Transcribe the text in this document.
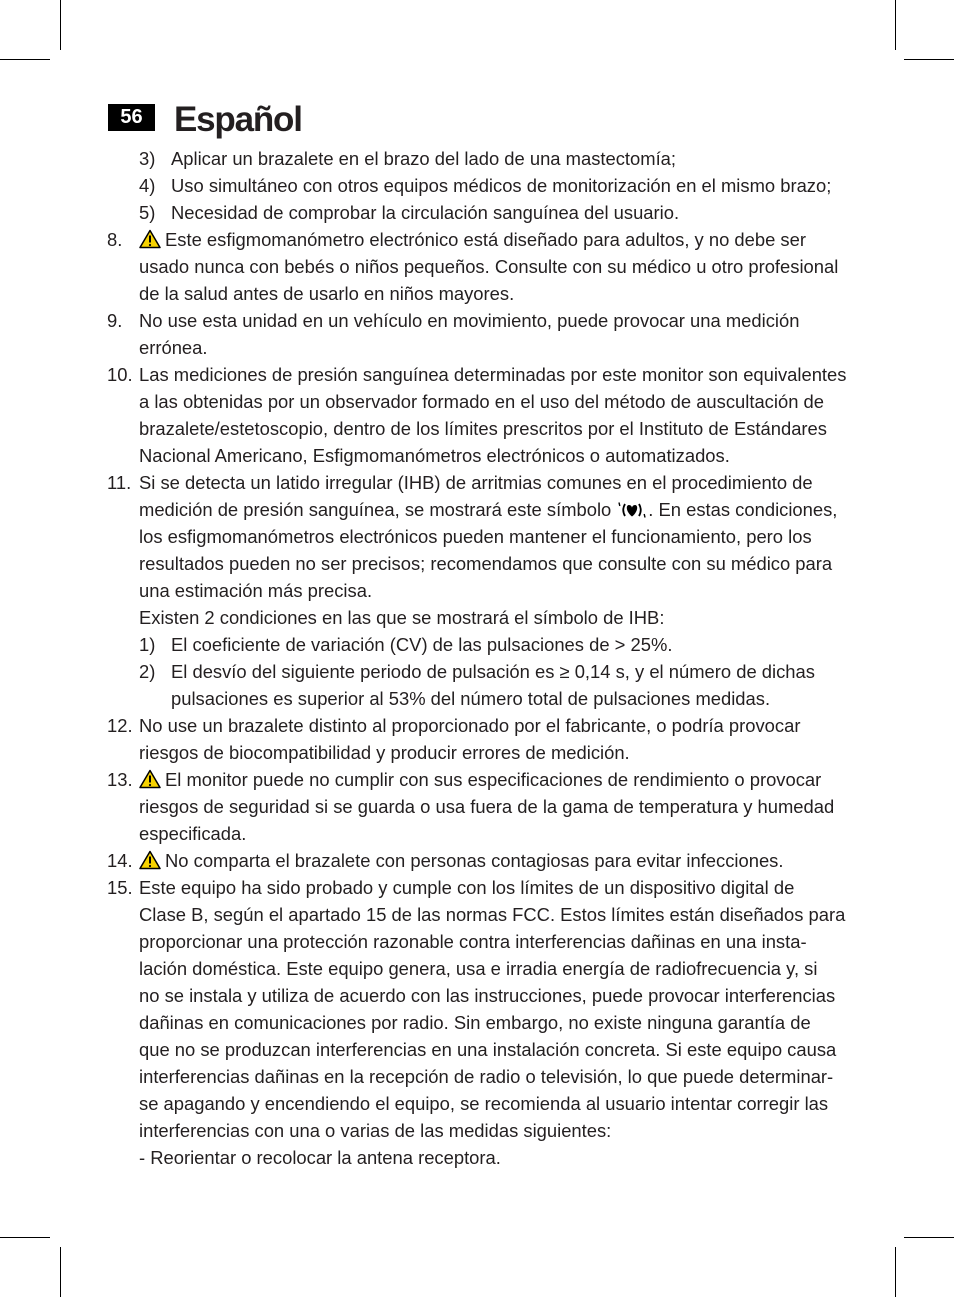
56 Español
3) Aplicar un brazalete en el brazo del lado de una mastectomía;
4) Uso simultáneo con otros equipos médicos de monitorización en el mismo brazo;
5) Necesidad de comprobar la circulación sanguínea del usuario.
8.	Este esfigmomanómetro electrónico está diseñado para adultos, y no debe ser
usado nunca con bebés o niños pequeños. Consulte con su médico u otro profesional
de la salud antes de usarlo en niños mayores.
9. No use esta unidad en un vehículo en movimiento, puede provocar una medición
errónea.
10. Las mediciones de presión sanguínea determinadas por este monitor son equivalentes
a las obtenidas por un observador formado en el uso del método de auscultación de
brazalete/estetoscopio, dentro de los límites prescritos por el Instituto de Estándares
Nacional Americano, Esfigmomanómetros electrónicos o automatizados.
11. Si se detecta un latido irregular (IHB) de arritmias comunes en el procedimiento de
medición de presión sanguínea, se mostrará este símbolo . En estas condiciones,
los esfigmomanómetros electrónicos pueden mantener el funcionamiento, pero los
resultados pueden no ser precisos; recomendamos que consulte con su médico para
una estimación más precisa.
Existen 2 condiciones en las que se mostrará el símbolo de IHB:
1) El coeficiente de variación (CV) de las pulsaciones de > 25%.
2) El desvío del siguiente periodo de pulsación es ≥ 0,14 s, y el número de dichas
pulsaciones es superior al 53% del número total de pulsaciones medidas.
12. No use un brazalete distinto al proporcionado por el fabricante, o podría provocar
riesgos de biocompatibilidad y producir errores de medición.
13.	El monitor puede no cumplir con sus especificaciones de rendimiento o provocar
riesgos de seguridad si se guarda o usa fuera de la gama de temperatura y humedad
especificada.
14.	No comparta el brazalete con personas contagiosas para evitar infecciones.
15. Este equipo ha sido probado y cumple con los límites de un dispositivo digital de
Clase B, según el apartado 15 de las normas FCC. Estos límites están diseñados para
proporcionar una protección razonable contra interferencias dañinas en una insta-
lación doméstica. Este equipo genera, usa e irradia energía de radiofrecuencia y, si
no se instala y utiliza de acuerdo con las instrucciones, puede provocar interferencias
dañinas en comunicaciones por radio. Sin embargo, no existe ninguna garantía de
que no se produzcan interferencias en una instalación concreta. Si este equipo causa
interferencias dañinas en la recepción de radio o televisión, lo que puede determinar-
se apagando y encendiendo el equipo, se recomienda al usuario intentar corregir las
interferencias con una o varias de las medidas siguientes:
- Reorientar o recolocar la antena receptora.
